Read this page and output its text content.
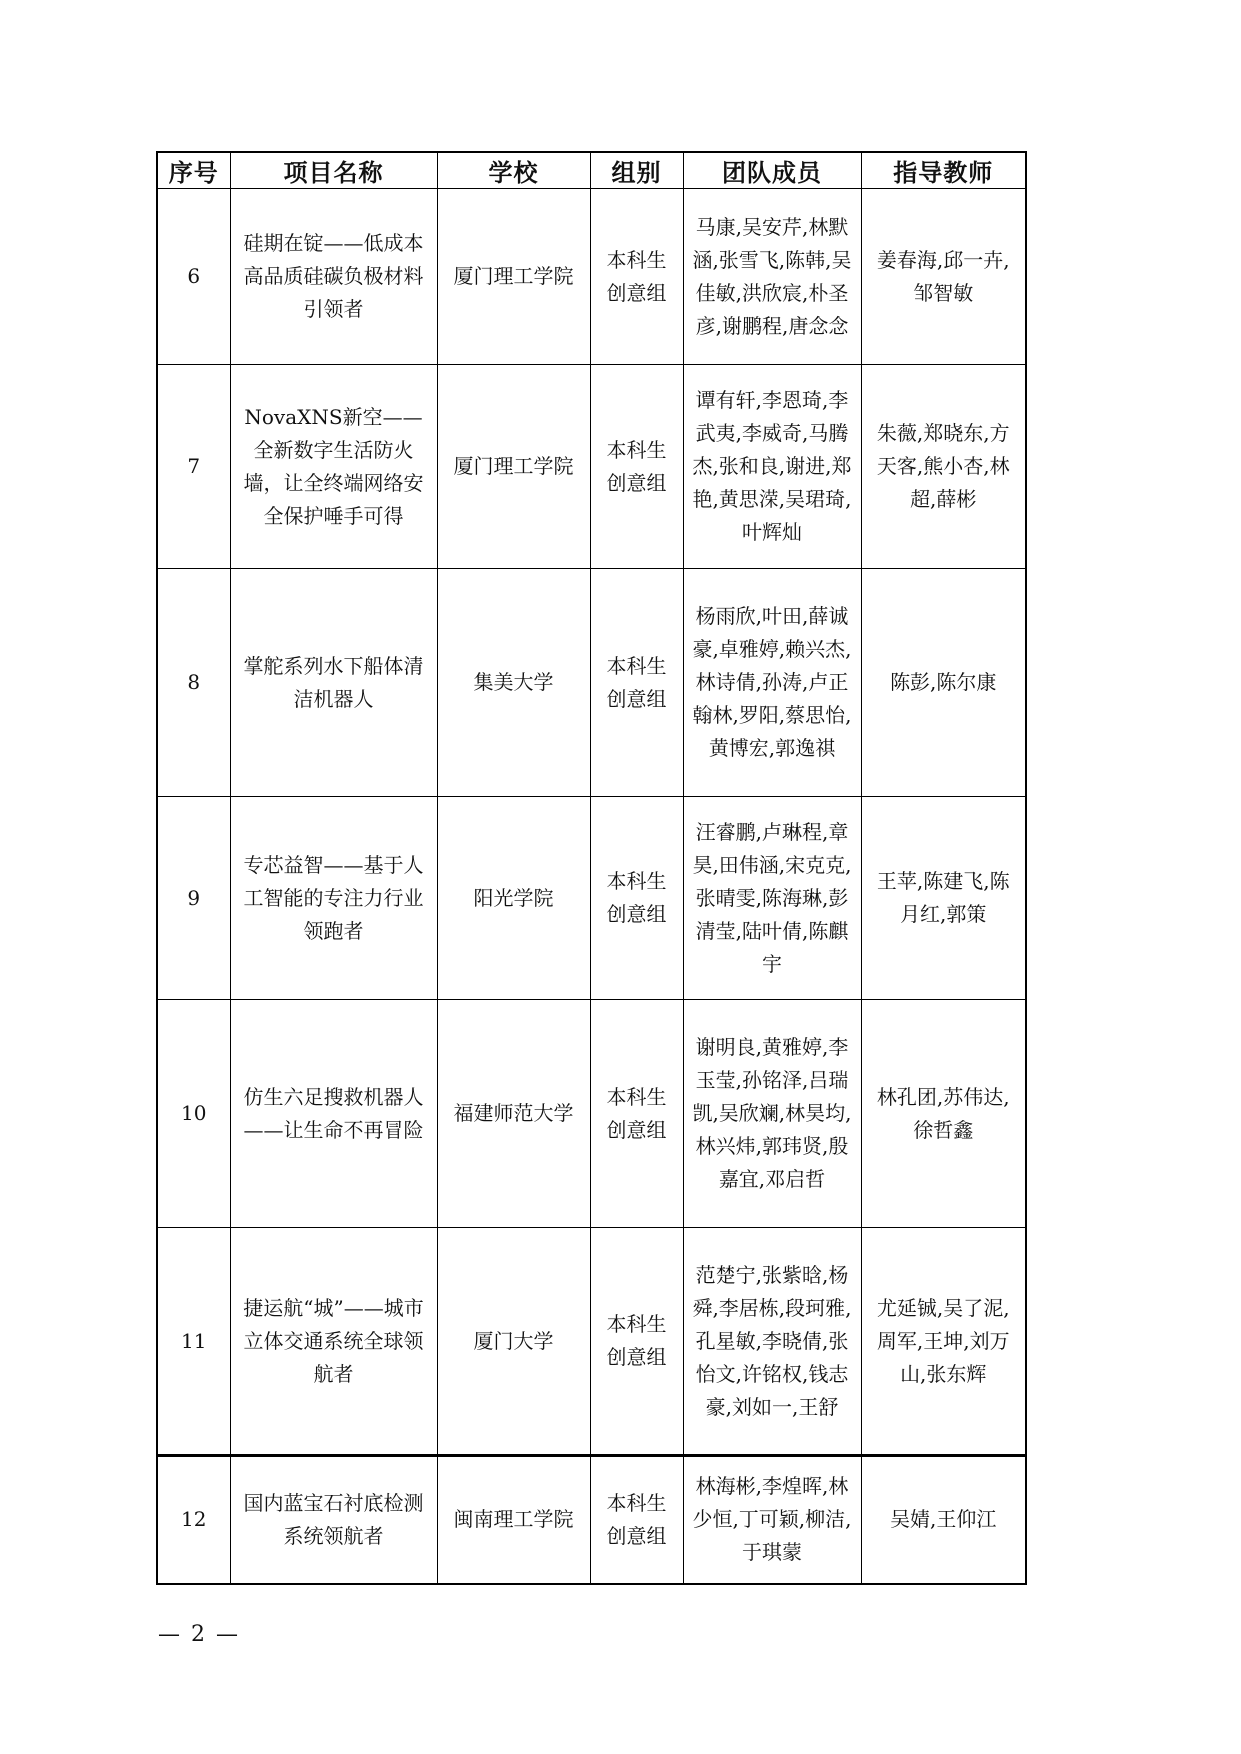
序号	项目名称	学校	组别	团队成员	指导教师
6	硅期在锭——低成本高品质硅碳负极材料引领者	厦门理工学院	本科生创意组	马康,吴安芹,林默涵,张雪飞,陈韩,吴佳敏,洪欣宸,朴圣彦,谢鹏程,唐念念	姜春海,邱一卉,邹智敏
7	NovaXNS新空——全新数字生活防火墙，让全终端网络安全保护唾手可得	厦门理工学院	本科生创意组	谭有轩,李恩琦,李武夷,李威奇,马腾杰,张和良,谢进,郑艳,黄思溁,吴珺琦,叶辉灿	朱薇,郑晓东,方天客,熊小杏,林超,薛彬
8	掌舵系列水下船体清洁机器人	集美大学	本科生创意组	杨雨欣,叶田,薛诚豪,卓雅婷,赖兴杰,林诗倩,孙涛,卢正翰林,罗阳,蔡思怡,黄博宏,郭逸祺	陈彭,陈尔康
9	专芯益智——基于人工智能的专注力行业领跑者	阳光学院	本科生创意组	汪睿鹏,卢琳程,章昊,田伟涵,宋克克,张晴雯,陈海琳,彭清莹,陆叶倩,陈麒宇	王苹,陈建飞,陈月红,郭策
10	仿生六足搜救机器人——让生命不再冒险	福建师范大学	本科生创意组	谢明良,黄雅婷,李玉莹,孙铭泽,吕瑞凯,吴欣斓,林昊均,林兴炜,郭玮贤,殷嘉宜,邓启哲	林孔团,苏伟达,徐哲鑫
11	捷运航“城”——城市立体交通系统全球领航者	厦门大学	本科生创意组	范楚宁,张紫晗,杨舜,李居栋,段珂雅,孔星敏,李晓倩,张怡文,许铭权,钱志豪,刘如一,王舒	尤延铖,吴了泥,周军,王坤,刘万山,张东辉
12	国内蓝宝石衬底检测系统领航者	闽南理工学院	本科生创意组	林海彬,李煌晖,林少恒,丁可颖,柳洁,于琪蒙	吴婧,王仰江
— 2 —
